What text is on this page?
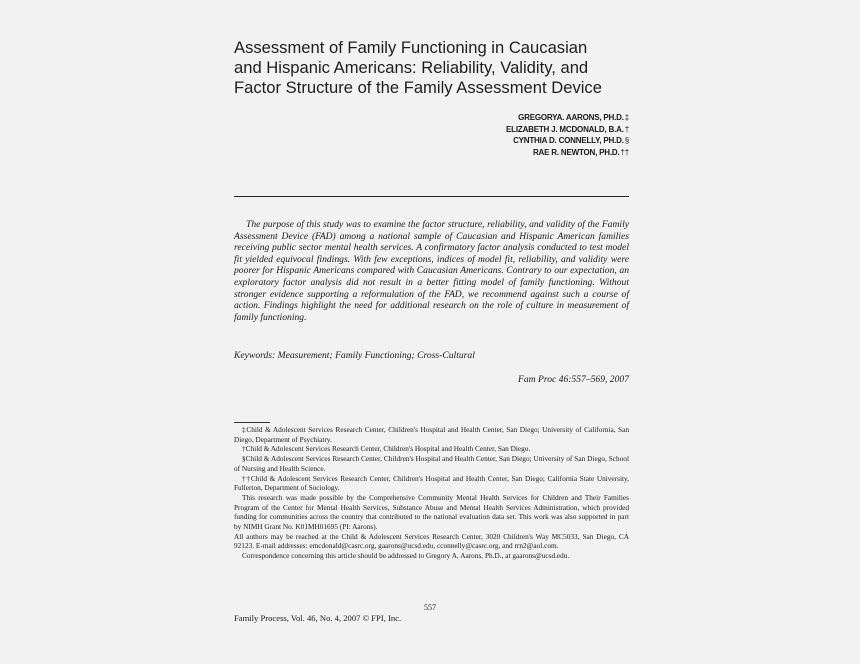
Assessment of Family Functioning in Caucasian
and Hispanic Americans: Reliability, Validity, and
Factor Structure of the Family Assessment Device
GREGORYA. AARONS, PH.D.‡
ELIZABETH J. MCDONALD, B.A.†
CYNTHIA D. CONNELLY, PH.D.§
RAE R. NEWTON, PH.D.††

The purpose of this study was to examine the factor structure, reliability, and validity of the Family Assessment Device (FAD) among a national sample of Caucasian and Hispanic American families receiving public sector mental health services. A confirmatory factor analysis conducted to test model fit yielded equivocal findings. With few exceptions, indices of model fit, reliability, and validity were poorer for Hispanic Americans compared with Caucasian Americans. Contrary to our expectation, an exploratory factor analysis did not result in a better fitting model of family functioning. Without stronger evidence supporting a reformulation of the FAD, we recommend against such a course of action. Findings highlight the need for additional research on the role of culture in measurement of family functioning.

Keywords: Measurement; Family Functioning; Cross-Cultural

Fam Proc 46:557–569, 2007

‡Child & Adolescent Services Research Center, Children's Hospital and Health Center, San Diego; University of California, San Diego, Department of Psychiatry.

†Child & Adolescent Services Research Center, Children's Hospital and Health Center, San Diego.

§Child & Adolescent Services Research Center, Children's Hospital and Health Center, San Diego; University of San Diego, School of Nursing and Health Science.

††Child & Adolescent Services Research Center, Children's Hospital and Health Center, San Diego; California State University, Fullerton, Department of Sociology.

This research was made possible by the Comprehensive Community Mental Health Services for Children and Their Families Program of the Center for Mental Health Services, Substance Abuse and Mental Health Services Administration, which provided funding for communities across the country that contributed to the national evaluation data set. This work was also supported in part by NIMH Grant No. K01MH01695 (PI: Aarons).

All authors may be reached at the Child & Adolescent Services Research Center, 3020 Children's Way MC5033, San Diego, CA 92123. E-mail addresses: emcdonald@casrc.org, gaarons@ucsd.edu, cconnelly@casrc.org, and rrn2@aol.com.

Correspondence concerning this article should be addressed to Gregory A. Aarons, Ph.D., at gaarons@ucsd.edu.

557
Family Process, Vol. 46, No. 4, 2007 © FPI, Inc.
